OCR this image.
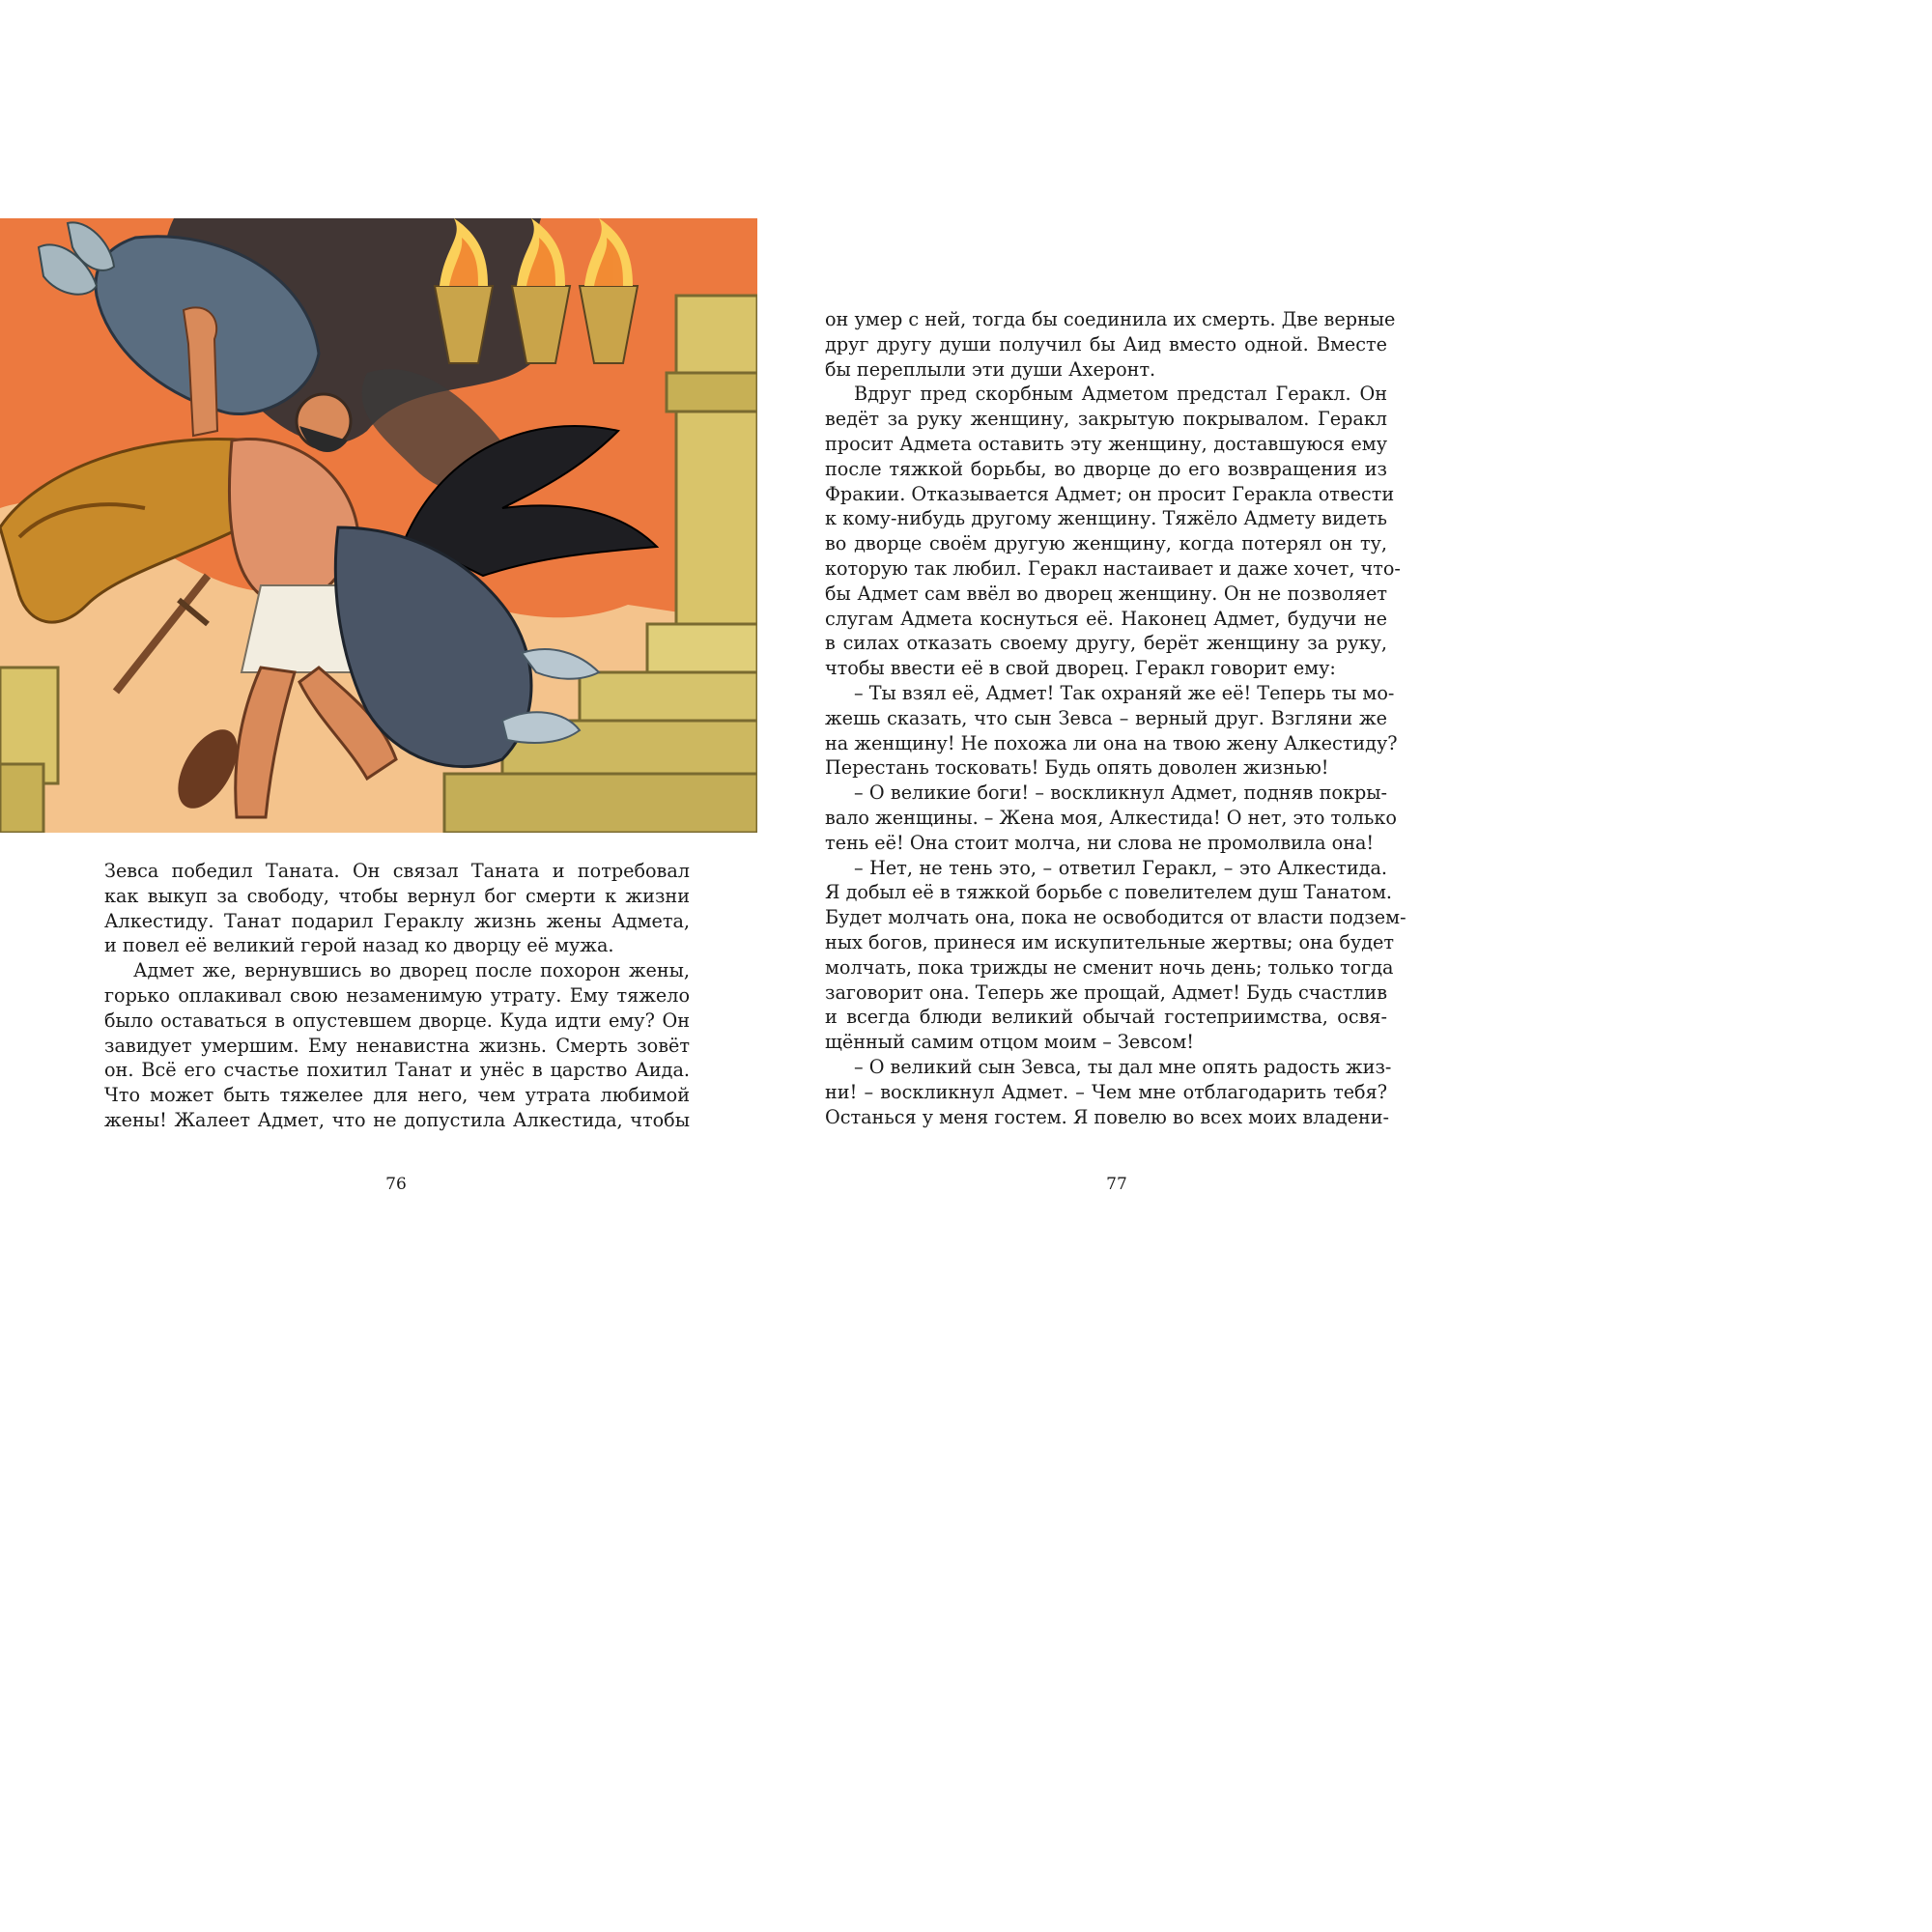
Зевса победил Таната. Он связал Таната и потребовал
как выкуп за свободу, чтобы вернул бог смерти к жизни
Алкестиду. Танат подарил Гераклу жизнь жены Адмета,
и повел её великий герой назад ко дворцу её мужа.
Адмет же, вернувшись во дворец после похорон жены,
горько оплакивал свою незаменимую утрату. Ему тяжело
было оставаться в опустевшем дворце. Куда идти ему? Он
завидует умершим. Ему ненавистна жизнь. Смерть зовёт
он. Всё его счастье похитил Танат и унёс в царство Аида.
Что может быть тяжелее для него, чем утрата любимой
жены! Жалеет Адмет, что не допустила Алкестида, чтобы
76
он умер с ней, тогда бы соединила их смерть. Две верные
друг другу души получил бы Аид вместо одной. Вместе
бы переплыли эти души Ахеронт.
Вдруг пред скорбным Адметом предстал Геракл. Он
ведёт за руку женщину, закрытую покрывалом. Геракл
просит Адмета оставить эту женщину, доставшуюся ему
после тяжкой борьбы, во дворце до его возвращения из
Фракии. Отказывается Адмет; он просит Геракла отвести
к кому-нибудь другому женщину. Тяжёло Адмету видеть
во дворце своём другую женщину, когда потерял он ту,
которую так любил. Геракл настаивает и даже хочет, что-
бы Адмет сам ввёл во дворец женщину. Он не позволяет
слугам Адмета коснуться её. Наконец Адмет, будучи не
в силах отказать своему другу, берёт женщину за руку,
чтобы ввести её в свой дворец. Геракл говорит ему:
– Ты взял её, Адмет! Так охраняй же её! Теперь ты мо-
жешь сказать, что сын Зевса – верный друг. Взгляни же
на женщину! Не похожа ли она на твою жену Алкестиду?
Перестань тосковать! Будь опять доволен жизнью!
– О великие боги! – воскликнул Адмет, подняв покры-
вало женщины. – Жена моя, Алкестида! О нет, это только
тень её! Она стоит молча, ни слова не промолвила она!
– Нет, не тень это, – ответил Геракл, – это Алкестида.
Я добыл её в тяжкой борьбе с повелителем душ Танатом.
Будет молчать она, пока не освободится от власти подзем-
ных богов, принеся им искупительные жертвы; она будет
молчать, пока трижды не сменит ночь день; только тогда
заговорит она. Теперь же прощай, Адмет! Будь счастлив
и всегда блюди великий обычай гостеприимства, освя-
щённый самим отцом моим – Зевсом!
– О великий сын Зевса, ты дал мне опять радость жиз-
ни! – воскликнул Адмет. – Чем мне отблагодарить тебя?
Останься у меня гостем. Я повелю во всех моих владени-
77
